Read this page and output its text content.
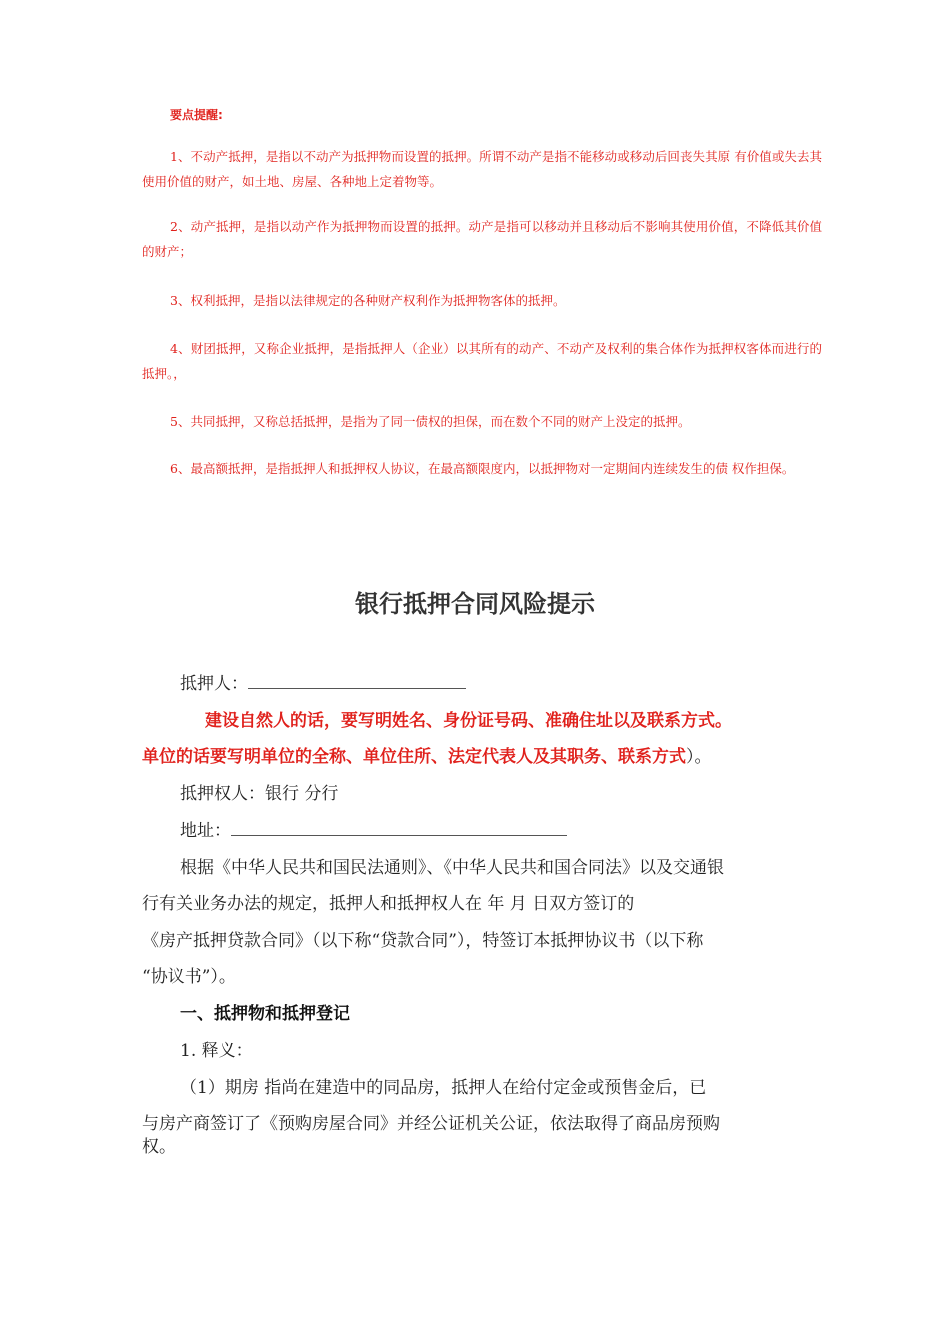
要点提醒:
1、不动产抵押，是指以不动产为抵押物而设置的抵押。所谓不动产是指不能移动或移动后回丧失其原 有价值或失去其使用价值的财产，如土地、房屋、各种地上定着物等。
2、动产抵押，是指以动产作为抵押物而设置的抵押。动产是指可以移动并且移动后不影响其使用价值，不降低其价值的财产；
3、权利抵押，是指以法律规定的各种财产权利作为抵押物客体的抵押。
4、财团抵押，又称企业抵押，是指抵押人（企业）以其所有的动产、不动产及权利的集合体作为抵押权客体而进行的抵押。，
5、共同抵押，又称总括抵押，是指为了同一债权的担保，而在数个不同的财产上没定的抵押。
6、最高额抵押，是指抵押人和抵押权人协议，在最高额限度内，以抵押物对一定期间内连续发生的债 权作担保。
银行抵押合同风险提示
抵押人：
建设自然人的话，要写明姓名、身份证号码、准确住址以及联系方式。
单位的话要写明单位的全称、单位住所、法定代表人及其职务、联系方式）。
抵押权人：银行 分行
地址：
根据《中华人民共和国民法通则》、《中华人民共和国合同法》以及交通银
行有关业务办法的规定，抵押人和抵押权人在 年 月 日双方签订的
《房产抵押贷款合同》（以下称“贷款合同”），特签订本抵押协议书（以下称
“协议书”）。
一、抵押物和抵押登记
1. 释义：
（1）期房 指尚在建造中的同品房，抵押人在给付定金或预售金后，已
与房产商签订了《预购房屋合同》并经公证机关公证，依法取得了商品房预购
权。
